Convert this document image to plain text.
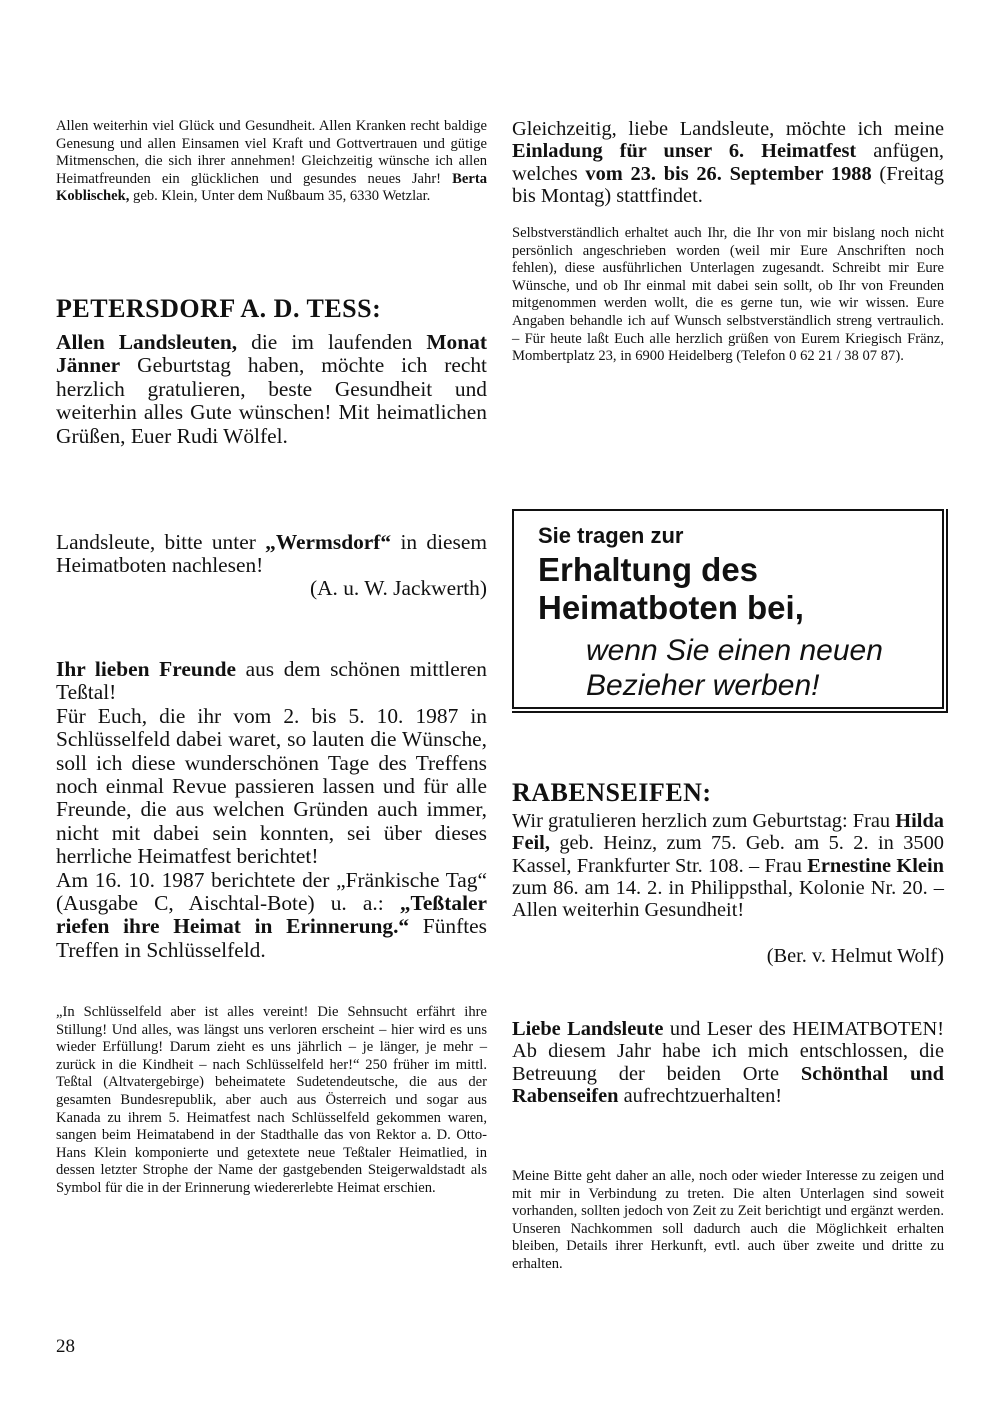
Allen weiterhin viel Glück und Gesundheit. Allen Kranken recht baldige Genesung und allen Einsamen viel Kraft und Gottvertrauen und gütige Mitmenschen, die sich ihrer annehmen! Gleichzeitig wünsche ich allen Heimatfreunden ein glücklichen und gesundes neues Jahr! Berta Koblischek, geb. Klein, Unter dem Nußbaum 35, 6330 Wetzlar.
PETERSDORF A. D. TESS:
Allen Landsleuten, die im laufenden Monat Jänner Geburtstag haben, möchte ich recht herzlich gratulieren, beste Gesundheit und weiterhin alles Gute wünschen! Mit heimatlichen Grüßen, Euer Rudi Wölfel.
Landsleute, bitte unter „Wermsdorf“ in diesem Heimatboten nachlesen!
(A. u. W. Jackwerth)
Ihr lieben Freunde aus dem schönen mittleren Teßtal!
Für Euch, die ihr vom 2. bis 5. 10. 1987 in Schlüsselfeld dabei waret, so lauten die Wünsche, soll ich diese wunderschönen Tage des Treffens noch einmal Revue passieren lassen und für alle Freunde, die aus welchen Gründen auch immer, nicht mit dabei sein konnten, sei über dieses herrliche Heimatfest berichtet!
Am 16. 10. 1987 berichtete der „Fränkische Tag“ (Ausgabe C, Aischtal-Bote) u. a.: „Teßtaler riefen ihre Heimat in Erinnerung.“ Fünftes Treffen in Schlüsselfeld.
„In Schlüsselfeld aber ist alles vereint! Die Sehnsucht erfährt ihre Stillung! Und alles, was längst uns verloren erscheint – hier wird es uns wieder Erfüllung! Darum zieht es uns jährlich – je länger, je mehr – zurück in die Kindheit – nach Schlüsselfeld her!“ 250 früher im mittl. Teßtal (Altvatergebirge) beheimatete Sudetendeutsche, die aus der gesamten Bundesrepublik, aber auch aus Österreich und sogar aus Kanada zu ihrem 5. Heimatfest nach Schlüsselfeld gekommen waren, sangen beim Heimatabend in der Stadthalle das von Rektor a. D. Otto-Hans Klein komponierte und getextete neue Teßtaler Heimatlied, in dessen letzter Strophe der Name der gastgebenden Steigerwaldstadt als Symbol für die in der Erinnerung wiedererlebte Heimat erschien.
28
Gleichzeitig, liebe Landsleute, möchte ich meine Einladung für unser 6. Heimatfest anfügen, welches vom 23. bis 26. September 1988 (Freitag bis Montag) stattfindet.
Selbstverständlich erhaltet auch Ihr, die Ihr von mir bislang noch nicht persönlich angeschrieben worden (weil mir Eure Anschriften noch fehlen), diese ausführlichen Unterlagen zugesandt. Schreibt mir Eure Wünsche, und ob Ihr einmal mit dabei sein sollt, ob Ihr von Freunden mitgenommen werden wollt, die es gerne tun, wie wir wissen. Eure Angaben behandle ich auf Wunsch selbstverständlich streng vertraulich. – Für heute laßt Euch alle herzlich grüßen von Eurem Kriegisch Fränz, Mombertplatz 23, in 6900 Heidelberg (Telefon 0 62 21 / 38 07 87).
Sie tragen zur
Erhaltung des Heimatboten bei,
wenn Sie einen neuen Bezieher werben!
RABENSEIFEN:
Wir gratulieren herzlich zum Geburtstag: Frau Hilda Feil, geb. Heinz, zum 75. Geb. am 5. 2. in 3500 Kassel, Frankfurter Str. 108. – Frau Ernestine Klein zum 86. am 14. 2. in Philippsthal, Kolonie Nr. 20. – Allen weiterhin Gesundheit!
(Ber. v. Helmut Wolf)
Liebe Landsleute und Leser des HEIMATBOTEN! Ab diesem Jahr habe ich mich entschlossen, die Betreuung der beiden Orte Schönthal und Rabenseifen aufrechtzuerhalten!
Meine Bitte geht daher an alle, noch oder wieder Interesse zu zeigen und mit mir in Verbindung zu treten. Die alten Unterlagen sind soweit vorhanden, sollten jedoch von Zeit zu Zeit berichtigt und ergänzt werden. Unseren Nachkommen soll dadurch auch die Möglichkeit erhalten bleiben, Details ihrer Herkunft, evtl. auch über zweite und dritte zu erhalten.
